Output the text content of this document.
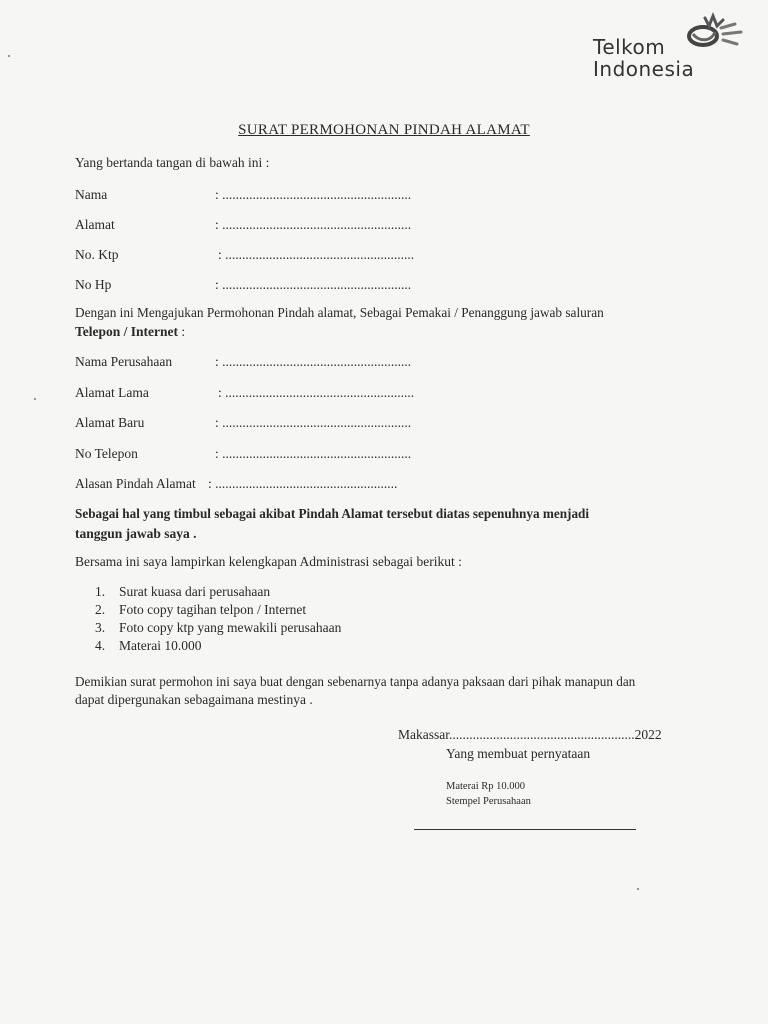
Telkom
Indonesia
SURAT PERMOHONAN PINDAH ALAMAT
Yang bertanda tangan di bawah ini :
Nama	: ........................................................
Alamat	: ........................................................
No. Ktp	: ........................................................
No Hp	: ........................................................
Dengan ini Mengajukan Permohonan Pindah alamat, Sebagai Pemakai / Penanggung jawab saluran
Telepon / Internet :
Nama Perusahaan	: ........................................................
Alamat Lama	: ........................................................
Alamat Baru	: ........................................................
No Telepon	: ........................................................
Alasan Pindah Alamat : ......................................................
Sebagai hal yang timbul sebagai akibat Pindah Alamat tersebut diatas sepenuhnya menjadi
tanggun jawab saya .
Bersama ini saya lampirkan kelengkapan Administrasi sebagai berikut :
1. Surat kuasa dari perusahaan
2. Foto copy tagihan telpon / Internet
3. Foto copy ktp yang mewakili perusahaan
4. Materai 10.000
Demikian surat permohon ini saya buat dengan sebenarnya tanpa adanya paksaan dari pihak manapun dan
dapat dipergunakan sebagaimana mestinya .
Makassar.......................................................2022
Yang membuat pernyataan
Materai Rp 10.000
Stempel Perusahaan
